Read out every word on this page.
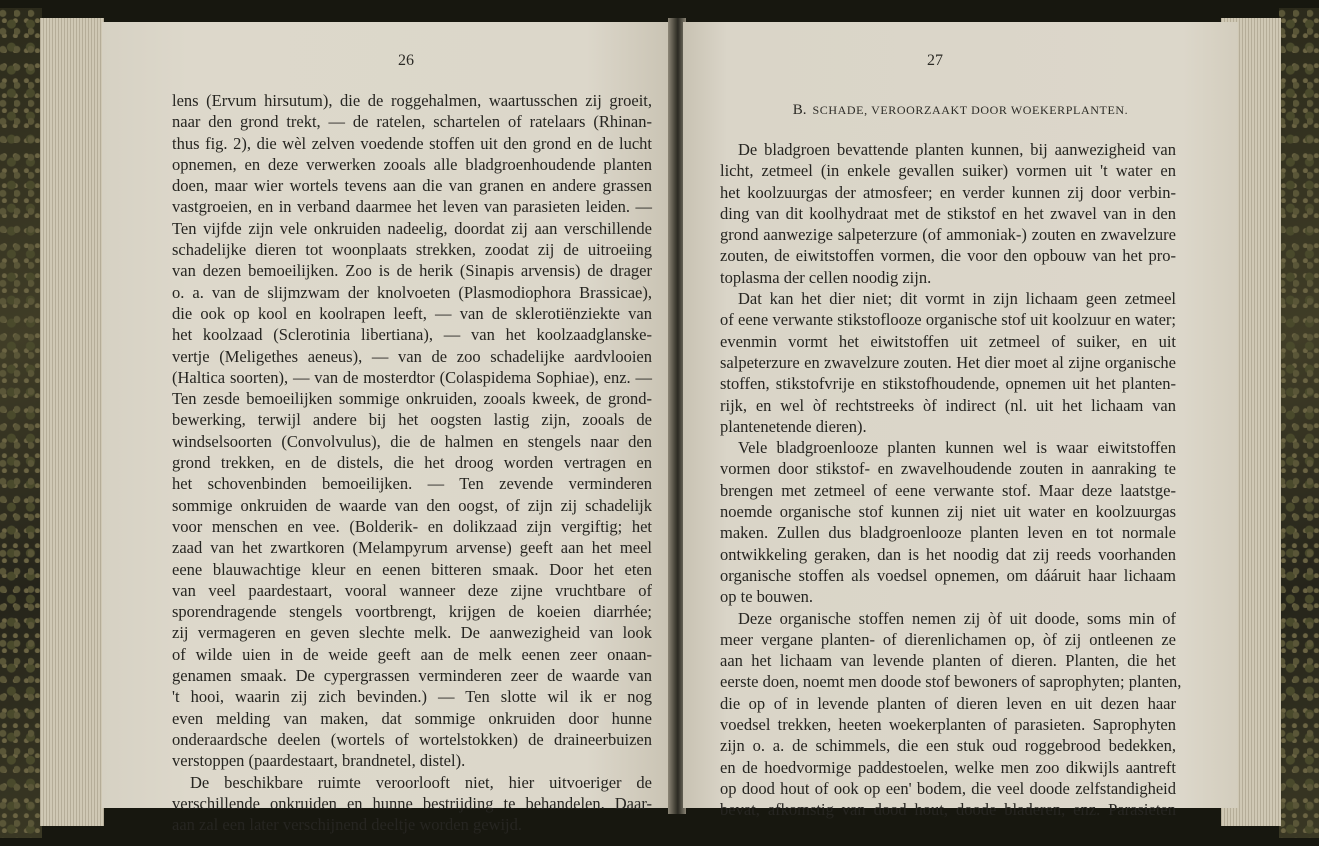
26
lens (Ervum hirsutum), die de roggehalmen, waartusschen zij groeit,
naar den grond trekt, — de ratelen, schartelen of ratelaars (Rhinan-
thus fig. 2), die wèl zelven voedende stoffen uit den grond en de lucht
opnemen, en deze verwerken zooals alle bladgroenhoudende planten
doen, maar wier wortels tevens aan die van granen en andere grassen
vastgroeien, en in verband daarmee het leven van parasieten leiden. —
Ten vijfde zijn vele onkruiden nadeelig, doordat zij aan verschillende
schadelijke dieren tot woonplaats strekken, zoodat zij de uitroeiing
van dezen bemoeilijken. Zoo is de herik (Sinapis arvensis) de drager
o. a. van de slijmzwam der knolvoeten (Plasmodiophora Brassicae),
die ook op kool en koolrapen leeft, — van de sklerotiënziekte van
het koolzaad (Sclerotinia libertiana), — van het koolzaadglanske-
vertje (Meligethes aeneus), — van de zoo schadelijke aardvlooien
(Haltica soorten), — van de mosterdtor (Colaspidema Sophiae), enz. —
Ten zesde bemoeilijken sommige onkruiden, zooals kweek, de grond-
bewerking, terwijl andere bij het oogsten lastig zijn, zooals de
windselsoorten (Convolvulus), die de halmen en stengels naar den
grond trekken, en de distels, die het droog worden vertragen en
het schovenbinden bemoeilijken. — Ten zevende verminderen
sommige onkruiden de waarde van den oogst, of zijn zij schadelijk
voor menschen en vee. (Bolderik- en dolikzaad zijn vergiftig; het
zaad van het zwartkoren (Melampyrum arvense) geeft aan het meel
eene blauwachtige kleur en eenen bitteren smaak. Door het eten
van veel paardestaart, vooral wanneer deze zijne vruchtbare of
sporendragende stengels voortbrengt, krijgen de koeien diarrhée;
zij vermageren en geven slechte melk. De aanwezigheid van look
of wilde uien in de weide geeft aan de melk eenen zeer onaan-
genamen smaak. De cypergrassen verminderen zeer de waarde van
't hooi, waarin zij zich bevinden.) — Ten slotte wil ik er nog
even melding van maken, dat sommige onkruiden door hunne
onderaardsche deelen (wortels of wortelstokken) de draineerbuizen
verstoppen (paardestaart, brandnetel, distel).
De beschikbare ruimte veroorlooft niet, hier uitvoeriger de
verschillende onkruiden en hunne bestrijding te behandelen. Daar-
aan zal een later verschijnend deeltje worden gewijd.
27
B. SCHADE, VEROORZAAKT DOOR WOEKERPLANTEN.
De bladgroen bevattende planten kunnen, bij aanwezigheid van
licht, zetmeel (in enkele gevallen suiker) vormen uit 't water en
het koolzuurgas der atmosfeer; en verder kunnen zij door verbin-
ding van dit koolhydraat met de stikstof en het zwavel van in den
grond aanwezige salpeterzure (of ammoniak-) zouten en zwavelzure
zouten, de eiwitstoffen vormen, die voor den opbouw van het pro-
toplasma der cellen noodig zijn.
Dat kan het dier niet; dit vormt in zijn lichaam geen zetmeel
of eene verwante stikstoflooze organische stof uit koolzuur en water;
evenmin vormt het eiwitstoffen uit zetmeel of suiker, en uit
salpeterzure en zwavelzure zouten. Het dier moet al zijne organische
stoffen, stikstofvrije en stikstofhoudende, opnemen uit het planten-
rijk, en wel òf rechtstreeks òf indirect (nl. uit het lichaam van
plantenetende dieren).
Vele bladgroenlooze planten kunnen wel is waar eiwitstoffen
vormen door stikstof- en zwavelhoudende zouten in aanraking te
brengen met zetmeel of eene verwante stof. Maar deze laatstge-
noemde organische stof kunnen zij niet uit water en koolzuurgas
maken. Zullen dus bladgroenlooze planten leven en tot normale
ontwikkeling geraken, dan is het noodig dat zij reeds voorhanden
organische stoffen als voedsel opnemen, om dááruit haar lichaam
op te bouwen.
Deze organische stoffen nemen zij òf uit doode, soms min of
meer vergane planten- of dierenlichamen op, òf zij ontleenen ze
aan het lichaam van levende planten of dieren. Planten, die het
eerste doen, noemt men doode stof bewoners of saprophyten; planten,
die op of in levende planten of dieren leven en uit dezen haar
voedsel trekken, heeten woekerplanten of parasieten. Saprophyten
zijn o. a. de schimmels, die een stuk oud roggebrood bedekken,
en de hoedvormige paddestoelen, welke men zoo dikwijls aantreft
op dood hout of ook op een' bodem, die veel doode zelfstandigheid
bevat, afkomstig van dood hout, doode bladeren, enz. Parasieten
